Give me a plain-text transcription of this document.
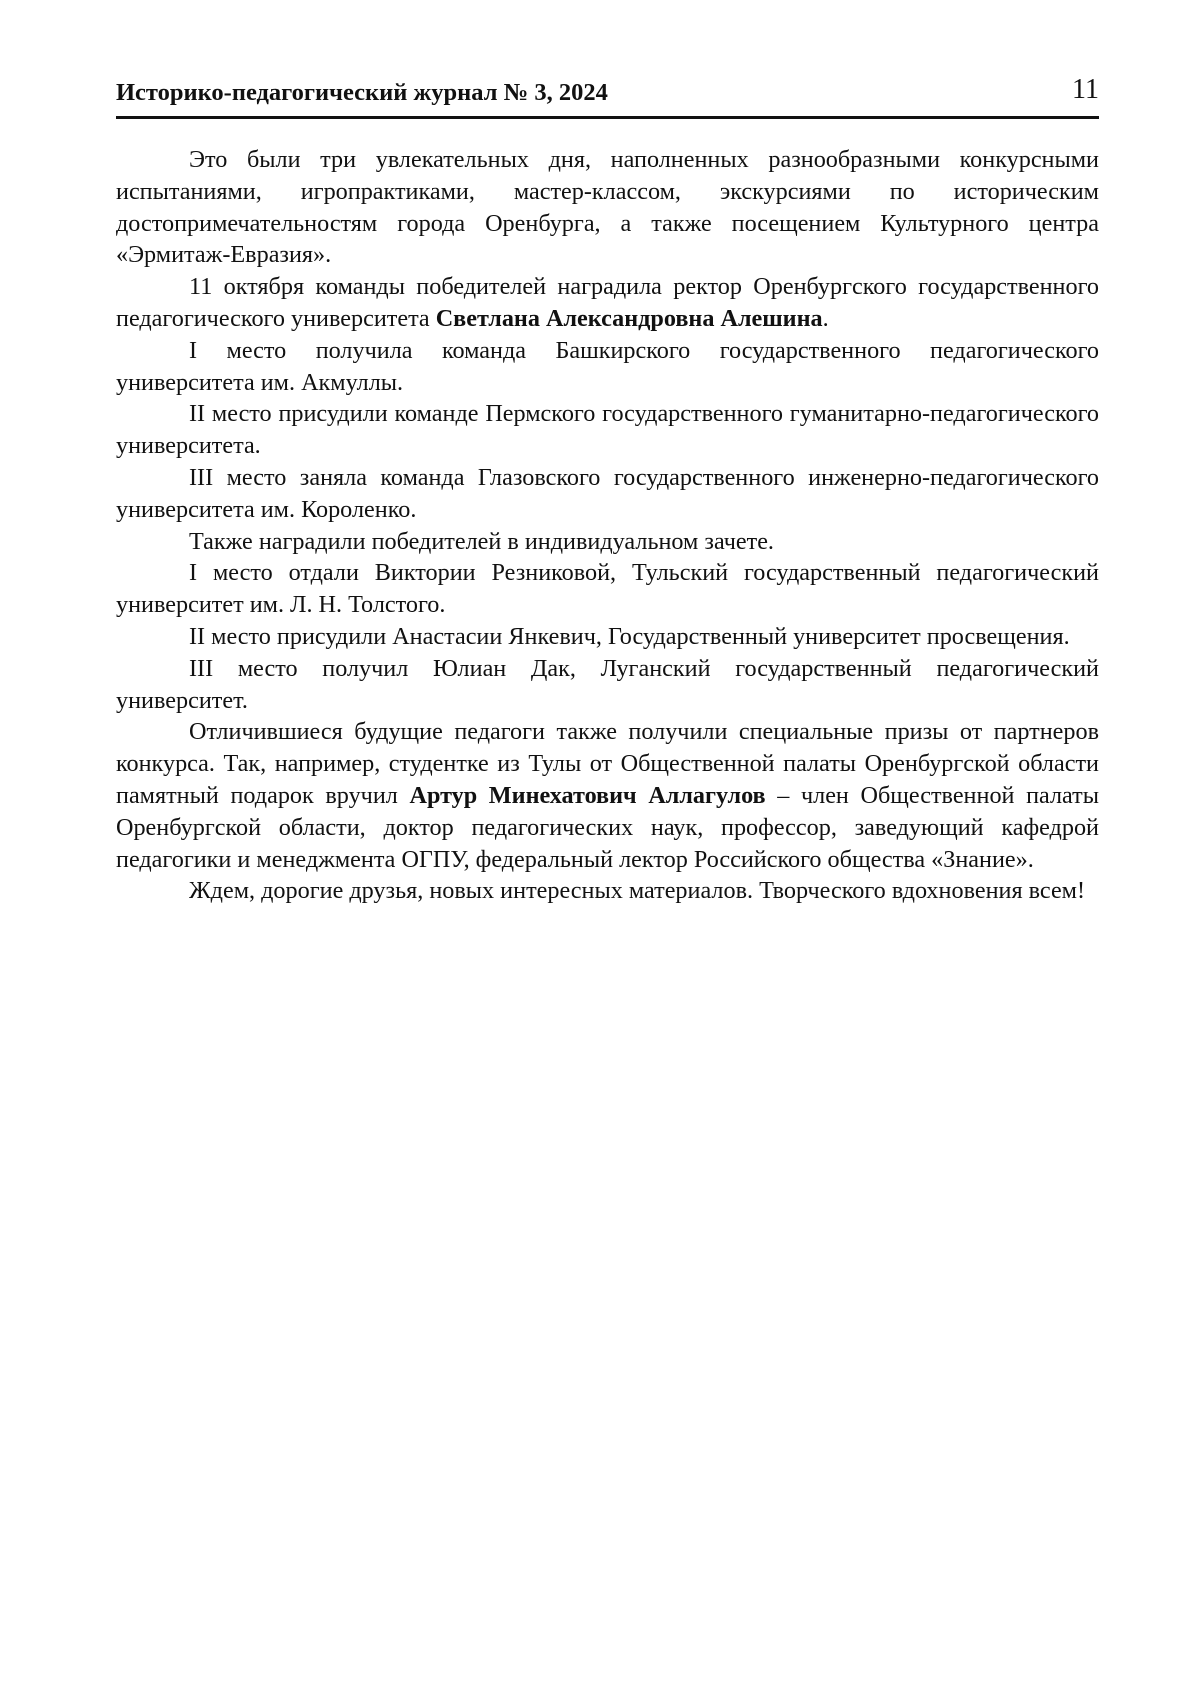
Историко-педагогический журнал № 3, 2024	11

Это были три увлекательных дня, наполненных разнообразными конкурсными испытаниями, игропрактиками, мастер-классом, экскурсиями по историческим достопримечательностям города Оренбурга, а также посещением Культурного центра «Эрмитаж-Евразия».

11 октября команды победителей наградила ректор Оренбургского государственного педагогического университета Светлана Александровна Алешина.

I место получила команда Башкирского государственного педагогического университета им. Акмуллы.

II место присудили команде Пермского государственного гуманитарно-педагогического университета.

III место заняла команда Глазовского государственного инженерно-педагогического университета им. Короленко.

Также наградили победителей в индивидуальном зачете.

I место отдали Виктории Резниковой, Тульский государственный педагогический университет им. Л. Н. Толстого.

II место присудили Анастасии Янкевич, Государственный университет просвещения.

III место получил Юлиан Дак, Луганский государственный педагогический университет.

Отличившиеся будущие педагоги также получили специальные призы от партнеров конкурса. Так, например, студентке из Тулы от Общественной палаты Оренбургской области памятный подарок вручил Артур Минехатович Аллагулов – член Общественной палаты Оренбургской области, доктор педагогических наук, профессор, заведующий кафедрой педагогики и менеджмента ОГПУ, федеральный лектор Российского общества «Знание».

Ждем, дорогие друзья, новых интересных материалов. Творческого вдохновения всем!
